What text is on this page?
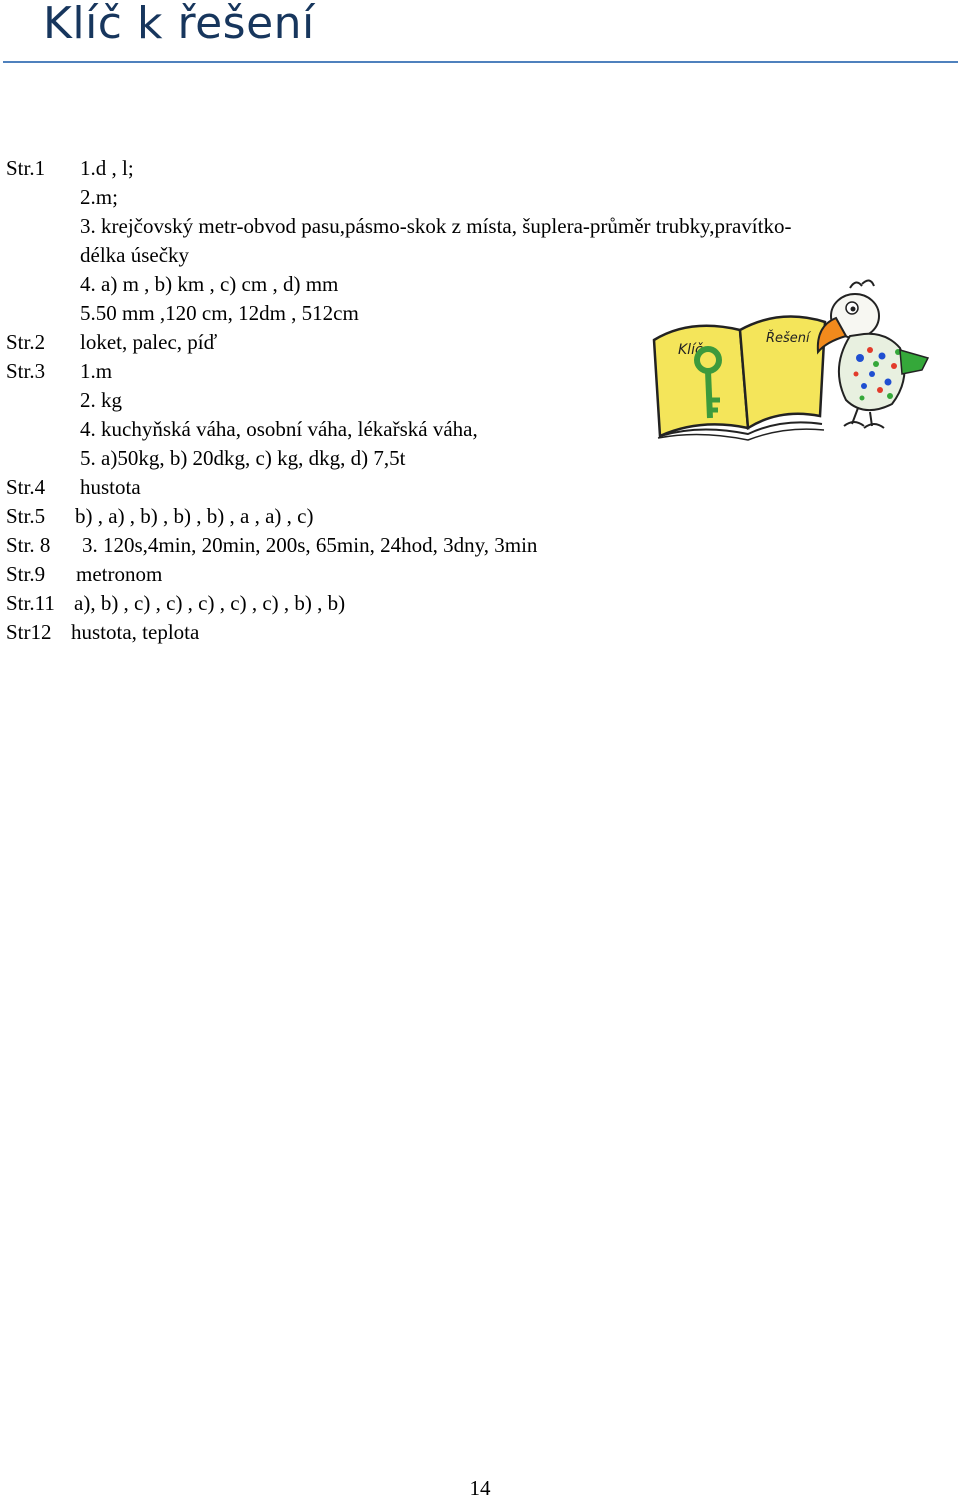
Klíč k řešení
Str.1 1.d , l;
2.m;
3. krejčovský metr-obvod pasu,pásmo-skok z místa, šuplera-průměr trubky,pravítko-
délka úsečky
4. a) m , b) km , c) cm , d) mm
5.50 mm ,120 cm, 12dm , 512cm
Str.2 loket, palec, píď
Str.3 1.m
2. kg
4. kuchyňská váha, osobní váha, lékařská váha,
5. a)50kg, b) 20dkg, c) kg, dkg, d) 7,5t
Str.4 hustota
Str.5 b) , a) , b) , b) , b) , a , a) , c)
Str. 8 3. 120s,4min, 20min, 200s, 65min, 24hod, 3dny, 3min
Str.9 metronom
Str.11 a), b) , c) , c) , c) , c) , c) , b) , b)
Str12 hustota, teplota
Klíč
Řešení
14
